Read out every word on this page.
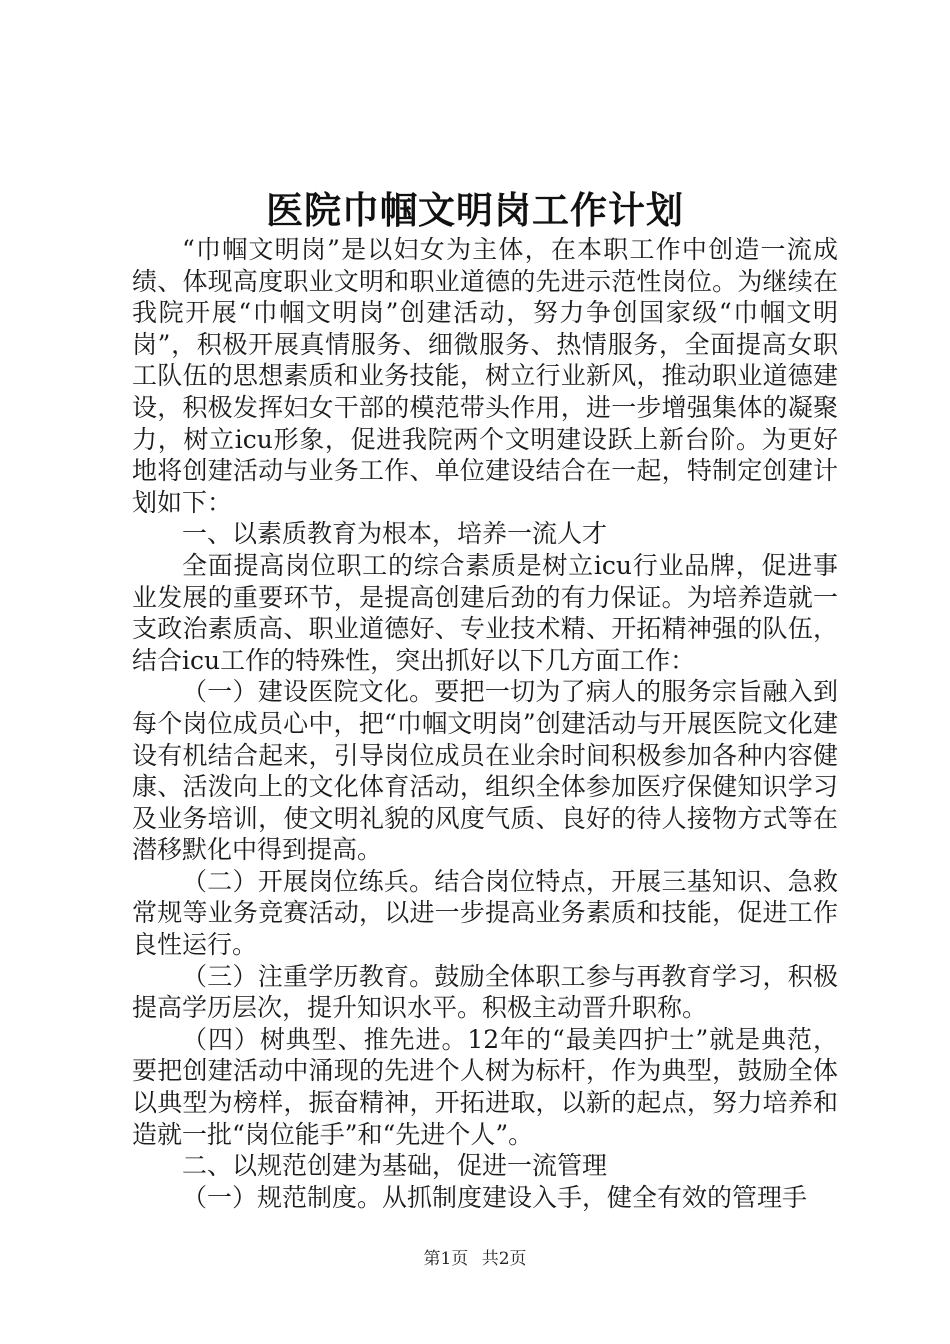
医院巾帼文明岗工作计划

“巾帼文明岗”是以妇女为主体，在本职工作中创造一流成绩、体现高度职业文明和职业道德的先进示范性岗位。为继续在我院开展“巾帼文明岗”创建活动，努力争创国家级“巾帼文明岗”，积极开展真情服务、细微服务、热情服务，全面提高女职工队伍的思想素质和业务技能，树立行业新风，推动职业道德建设，积极发挥妇女干部的模范带头作用，进一步增强集体的凝聚力，树立icu形象，促进我院两个文明建设跃上新台阶。为更好地将创建活动与业务工作、单位建设结合在一起，特制定创建计划如下：

一、以素质教育为根本，培养一流人才

全面提高岗位职工的综合素质是树立icu行业品牌，促进事业发展的重要环节，是提高创建后劲的有力保证。为培养造就一支政治素质高、职业道德好、专业技术精、开拓精神强的队伍，结合icu工作的特殊性，突出抓好以下几方面工作：

（一）建设医院文化。要把一切为了病人的服务宗旨融入到每个岗位成员心中，把“巾帼文明岗”创建活动与开展医院文化建设有机结合起来，引导岗位成员在业余时间积极参加各种内容健康、活泼向上的文化体育活动，组织全体参加医疗保健知识学习及业务培训，使文明礼貌的风度气质、良好的待人接物方式等在潜移默化中得到提高。

（二）开展岗位练兵。结合岗位特点，开展三基知识、急救常规等业务竞赛活动，以进一步提高业务素质和技能，促进工作良性运行。

（三）注重学历教育。鼓励全体职工参与再教育学习，积极提高学历层次，提升知识水平。积极主动晋升职称。

（四）树典型、推先进。12年的“最美四护士”就是典范，要把创建活动中涌现的先进个人树为标杆，作为典型，鼓励全体以典型为榜样，振奋精神，开拓进取，以新的起点，努力培养和造就一批“岗位能手”和“先进个人”。

二、以规范创建为基础，促进一流管理

（一）规范制度。从抓制度建设入手，健全有效的管理手

第1页 共2页
